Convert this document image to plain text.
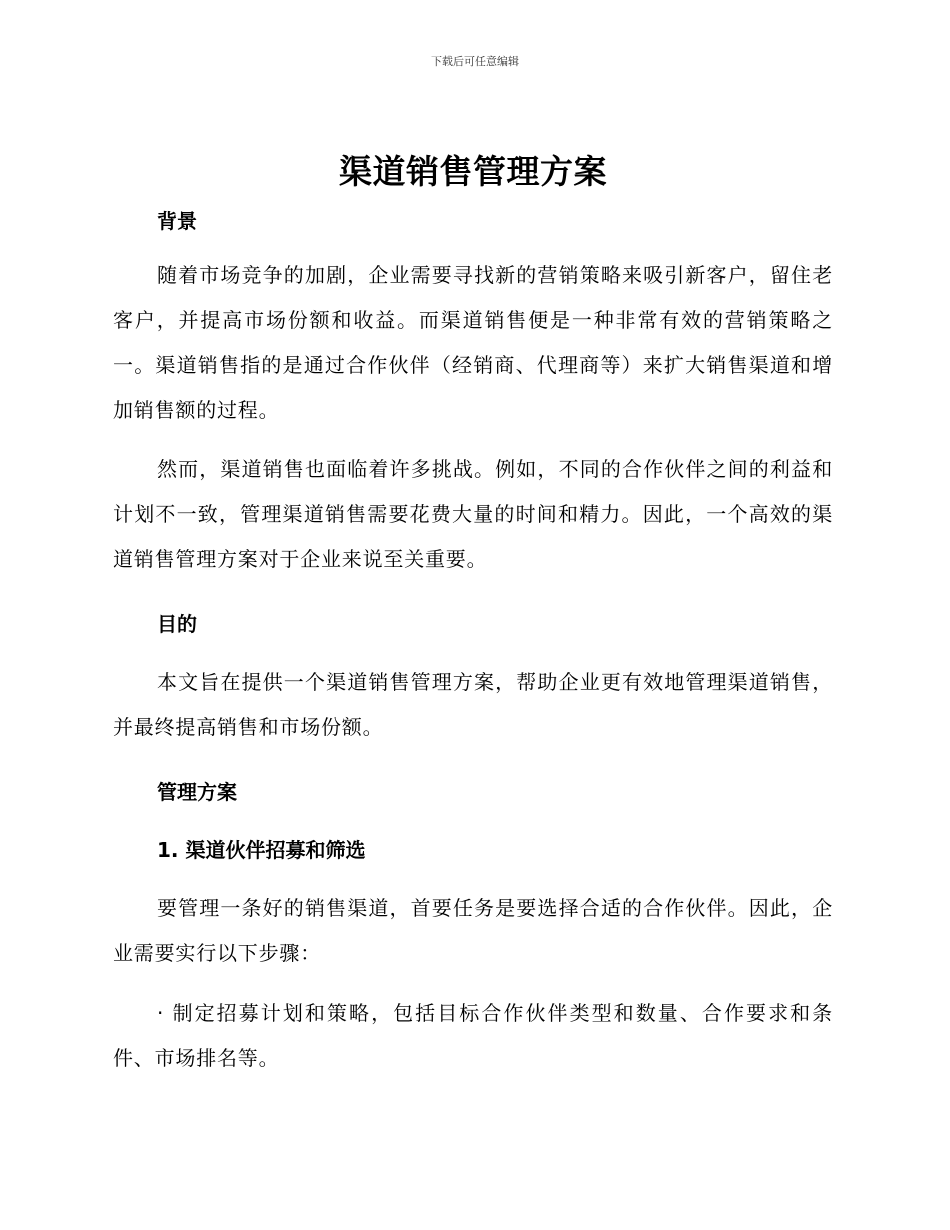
下载后可任意编辑
渠道销售管理方案
背景

随着市场竞争的加剧，企业需要寻找新的营销策略来吸引新客户，留住老客户，并提高市场份额和收益。而渠道销售便是一种非常有效的营销策略之一。渠道销售指的是通过合作伙伴（经销商、代理商等）来扩大销售渠道和增加销售额的过程。

然而，渠道销售也面临着许多挑战。例如，不同的合作伙伴之间的利益和计划不一致，管理渠道销售需要花费大量的时间和精力。因此，一个高效的渠道销售管理方案对于企业来说至关重要。

目的

本文旨在提供一个渠道销售管理方案，帮助企业更有效地管理渠道销售，并最终提高销售和市场份额。

管理方案
1. 渠道伙伴招募和筛选

要管理一条好的销售渠道，首要任务是要选择合适的合作伙伴。因此，企业需要实行以下步骤：

· 制定招募计划和策略，包括目标合作伙伴类型和数量、合作要求和条件、市场排名等。
